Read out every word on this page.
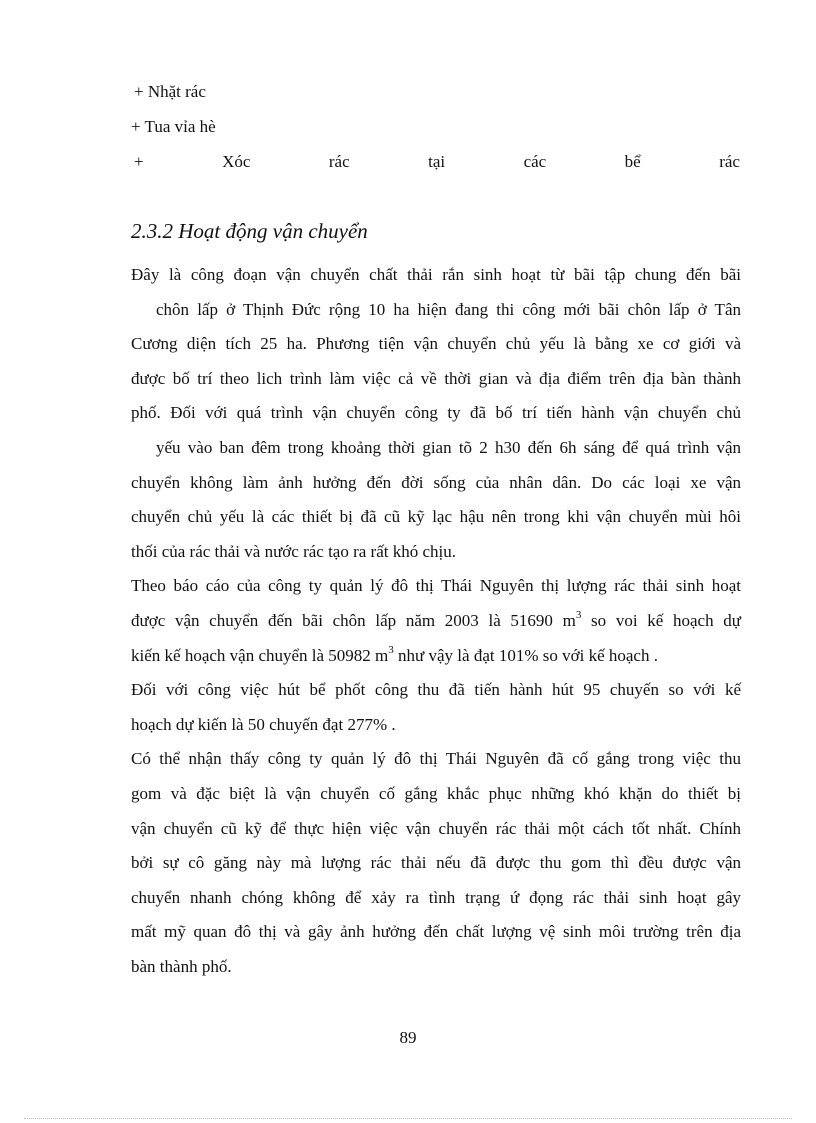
+ Nhặt rác
+ Tua vỉa hè
+	Xóc	rác	tại	các	bể	rác
2.3.2 Hoạt động vận chuyển

Đây là công đoạn vận chuyển chất thải rắn sinh hoạt từ bãi tập chung đến bãi
chôn lấp ở Thịnh Đức rộng 10 ha hiện đang thi công mới bãi chôn lấp ở Tân
Cương diện tích 25 ha. Phương tiện vận chuyển chủ yếu là bằng xe cơ giới và
được bố trí theo lich trình làm việc cả về thời gian và địa điểm trên địa bàn thành
phố. Đối với quá trình vận chuyển công ty đã bố trí tiến hành vận chuyển chủ
yếu vào ban đêm trong khoảng thời gian tõ 2 h30 đến 6h sáng để quá trình vận
chuyển không làm ảnh hưởng đến đời sống của nhân dân. Do các loại xe vận
chuyển chủ yếu là các thiết bị đã cũ kỹ lạc hậu nên trong khi vận chuyển mùi hôi
thối của rác thải và nước rác tạo ra rất khó chịu.

Theo báo cáo của công ty quản lý đô thị Thái Nguyên thị lượng rác thải sinh hoạt
được vận chuyển đến bãi chôn lấp năm 2003 là 51690 $m^3$ so voi kế hoạch dự
kiến kế hoạch vận chuyển là 50982 $m^3$ như vậy là đạt 101% so với kế hoạch .

Đối với công việc hút bể phốt công thu đã tiến hành hút 95 chuyến so với kế
hoạch dự kiến là 50 chuyến đạt 277% .

Có thể nhận thấy công ty quản lý đô thị Thái Nguyên đã cố gắng trong việc thu
gom và đặc biệt là vận chuyển cố gắng khắc phục những khó khặn do thiết bị
vận chuyển cũ kỹ để thực hiện việc vận chuyển rác thải một cách tốt nhất. Chính
bởi sự cô găng này mà lượng rác thải nếu đã được thu gom thì đều được vận
chuyển nhanh chóng không để xảy ra tình trạng ứ đọng rác thải sinh hoạt gây
mất mỹ quan đô thị và gây ảnh hưởng đến chất lượng vệ sinh môi trường trên địa
bàn thành phố.

89
